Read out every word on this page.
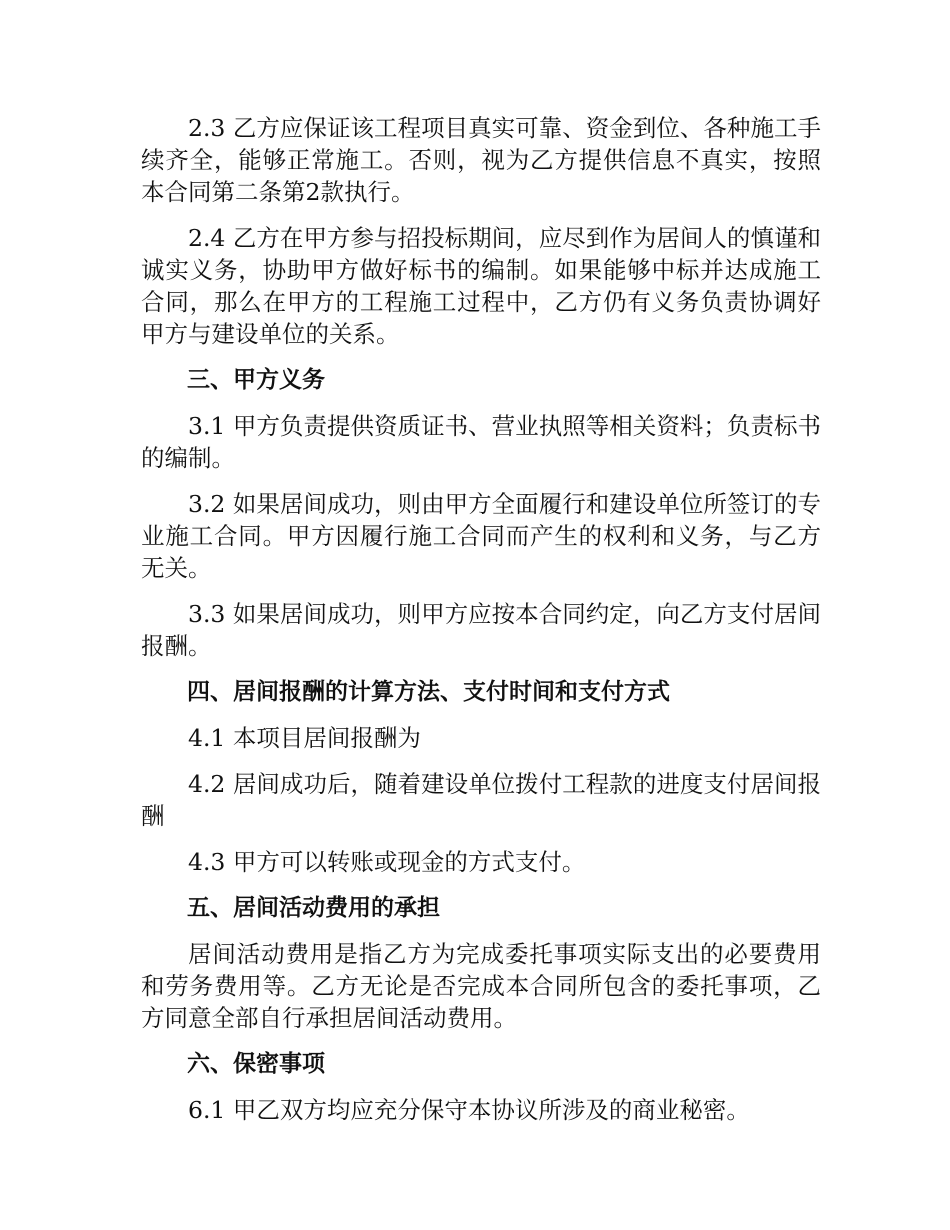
2.3 乙方应保证该工程项目真实可靠、资金到位、各种施工手续齐全，能够正常施工。否则，视为乙方提供信息不真实，按照本合同第二条第2款执行。

2.4 乙方在甲方参与招投标期间，应尽到作为居间人的慎谨和诚实义务，协助甲方做好标书的编制。如果能够中标并达成施工合同，那么在甲方的工程施工过程中，乙方仍有义务负责协调好甲方与建设单位的关系。

三、甲方义务

3.1 甲方负责提供资质证书、营业执照等相关资料；负责标书的编制。

3.2 如果居间成功，则由甲方全面履行和建设单位所签订的专业施工合同。甲方因履行施工合同而产生的权利和义务，与乙方无关。

3.3 如果居间成功，则甲方应按本合同约定，向乙方支付居间报酬。

四、居间报酬的计算方法、支付时间和支付方式

4.1 本项目居间报酬为

4.2 居间成功后，随着建设单位拨付工程款的进度支付居间报酬

4.3 甲方可以转账或现金的方式支付。

五、居间活动费用的承担

居间活动费用是指乙方为完成委托事项实际支出的必要费用和劳务费用等。乙方无论是否完成本合同所包含的委托事项，乙方同意全部自行承担居间活动费用。

六、保密事项

6.1 甲乙双方均应充分保守本协议所涉及的商业秘密。
